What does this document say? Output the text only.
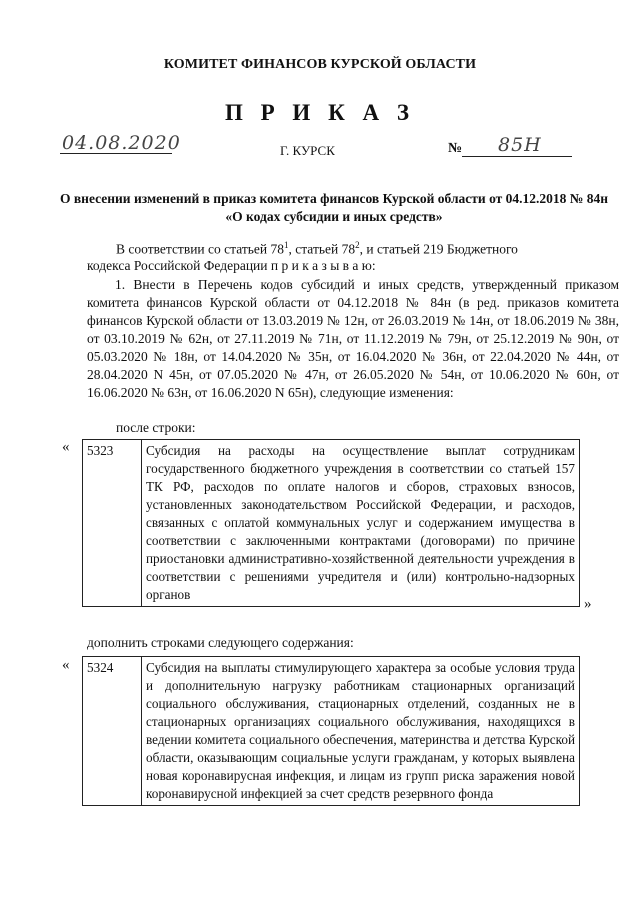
КОМИТЕТ ФИНАНСОВ КУРСКОЙ ОБЛАСТИ
П Р И К А З
04.08.2020	Г. КУРСК	№ 85Н
О внесении изменений в приказ комитета финансов Курской области от 04.12.2018 № 84н «О кодах субсидии и иных средств»
В соответствии со статьей $78^1$, статьей $78^2$, и статьей 219 Бюджетного
кодекса Российской Федерации п р и к а з ы в а ю:
1. Внести в Перечень кодов субсидий и иных средств, утвержденный приказом комитета финансов Курской области от 04.12.2018 № 84н (в ред. приказов комитета финансов Курской области от 13.03.2019 № 12н, от 26.03.2019 № 14н, от 18.06.2019 № 38н, от 03.10.2019 № 62н, от 27.11.2019 № 71н, от 11.12.2019 № 79н, от 25.12.2019 № 90н, от 05.03.2020 № 18н, от 14.04.2020 № 35н, от 16.04.2020 № 36н, от 22.04.2020 № 44н, от 28.04.2020 N 45н, от 07.05.2020 № 47н, от 26.05.2020 № 54н, от 10.06.2020 № 60н, от 16.06.2020 № 63н, от 16.06.2020 N 65н), следующие изменения:
после строки:
« 5323	Субсидия на расходы на осуществление выплат сотрудникам государственного бюджетного учреждения в соответствии со статьей 157 ТК РФ, расходов по оплате налогов и сборов, страховых взносов, установленных законодательством Российской Федерации, и расходов, связанных с оплатой коммунальных услуг и содержанием имущества в соответствии с заключенными контрактами (договорами) по причине приостановки административно-хозяйственной деятельности учреждения в соответствии с решениями учредителя и (или) контрольно-надзорных органов
»
дополнить строками следующего содержания:
« 5324	Субсидия на выплаты стимулирующего характера за особые условия труда и дополнительную нагрузку работникам стационарных организаций социального обслуживания, стационарных отделений, созданных не в стационарных организациях социального обслуживания, находящихся в ведении комитета социального обеспечения, материнства и детства Курской области, оказывающим социальные услуги гражданам, у которых выявлена новая коронавирусная инфекция, и лицам из групп риска заражения новой коронавирусной инфекцией за счет средств резервного фонда
